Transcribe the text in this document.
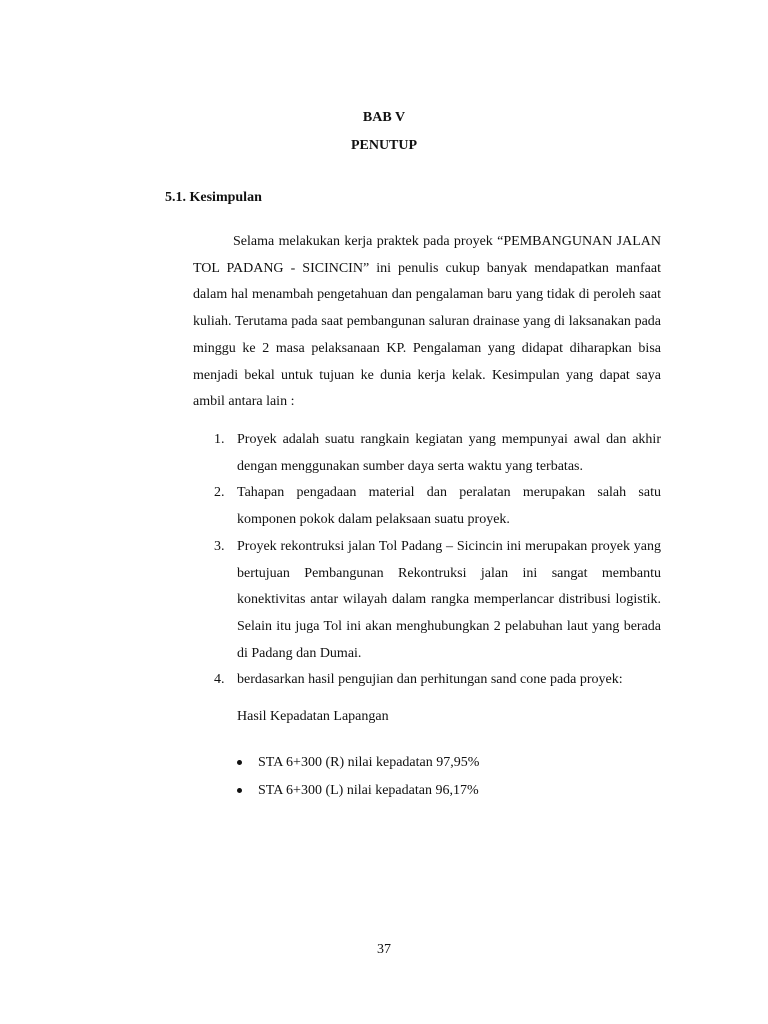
BAB V
PENUTUP
5.1. Kesimpulan

Selama melakukan kerja praktek pada proyek “PEMBANGUNAN JALAN TOL PADANG - SICINCIN” ini penulis cukup banyak mendapatkan manfaat dalam hal menambah pengetahuan dan pengalaman baru yang tidak di peroleh saat kuliah. Terutama pada saat pembangunan saluran drainase yang di laksanakan pada minggu ke 2 masa pelaksanaan KP. Pengalaman yang didapat diharapkan bisa menjadi bekal untuk tujuan ke dunia kerja kelak. Kesimpulan yang dapat saya ambil antara lain :

1. Proyek adalah suatu rangkain kegiatan yang mempunyai awal dan akhir dengan menggunakan sumber daya serta waktu yang terbatas.
2. Tahapan pengadaan material dan peralatan merupakan salah satu komponen pokok dalam pelaksaan suatu proyek.
3. Proyek rekontruksi jalan Tol Padang – Sicincin ini merupakan proyek yang bertujuan Pembangunan Rekontruksi jalan ini sangat membantu konektivitas antar wilayah dalam rangka memperlancar distribusi logistik. Selain itu juga Tol ini akan menghubungkan 2 pelabuhan laut yang berada di Padang dan Dumai.
4. berdasarkan hasil pengujian dan perhitungan sand cone pada proyek:
Hasil Kepadatan Lapangan
STA 6+300 (R) nilai kepadatan 97,95%
STA 6+300 (L) nilai kepadatan 96,17%
37
